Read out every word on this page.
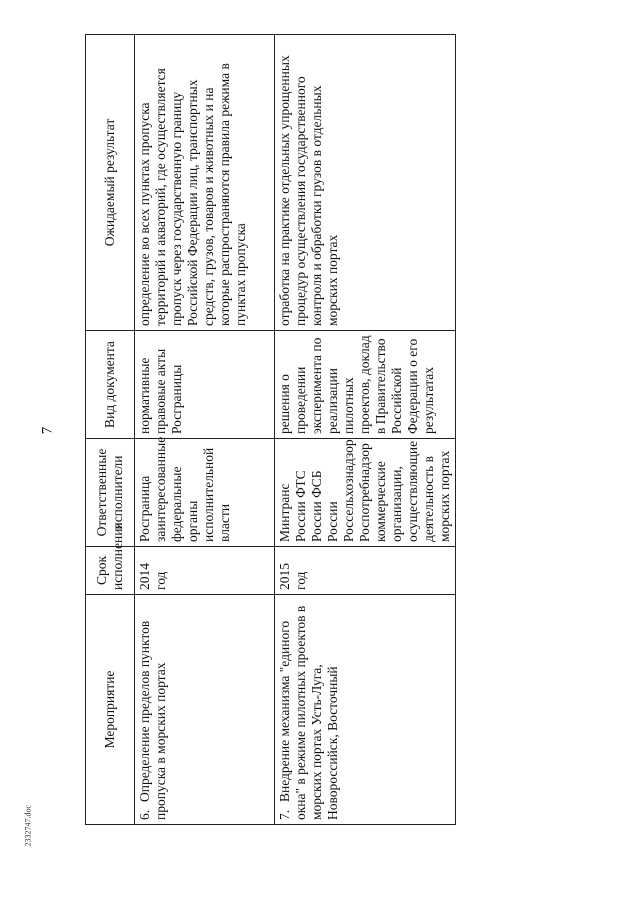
7
2332747.doc
Мероприятие	Срок исполнения	Ответственные исполнители	Вид документа	Ожидаемый результат
6.Определение пределов пунктов пропуска в морских портах	2014 год	Росграница заинтересованные федеральные органы исполнительной власти	нормативные правовые акты Росграницы	определение во всех пунктах пропуска территорий и акваторий, где осуществляется пропуск через государственную границу Российской Федерации лиц, транспортных средств, грузов, товаров и животных и на которые распространяются правила режима в пунктах пропуска
7.Внедрение механизма "единого окна" в режиме пилотных проектов в морских портах Усть-Луга, Новороссийск, Восточный	2015 год	Минтранс России ФТС России ФСБ России Россельхознадзор Роспотребнадзор коммерческие организации, осуществляющие деятельность в морских портах	решения о проведении эксперимента по реализации пилотных проектов, доклад в Правительство Российской Федерации о его результатах	отработка на практике отдельных упрощенных процедур осуществления государственного контроля и обработки грузов в отдельных морских портах
